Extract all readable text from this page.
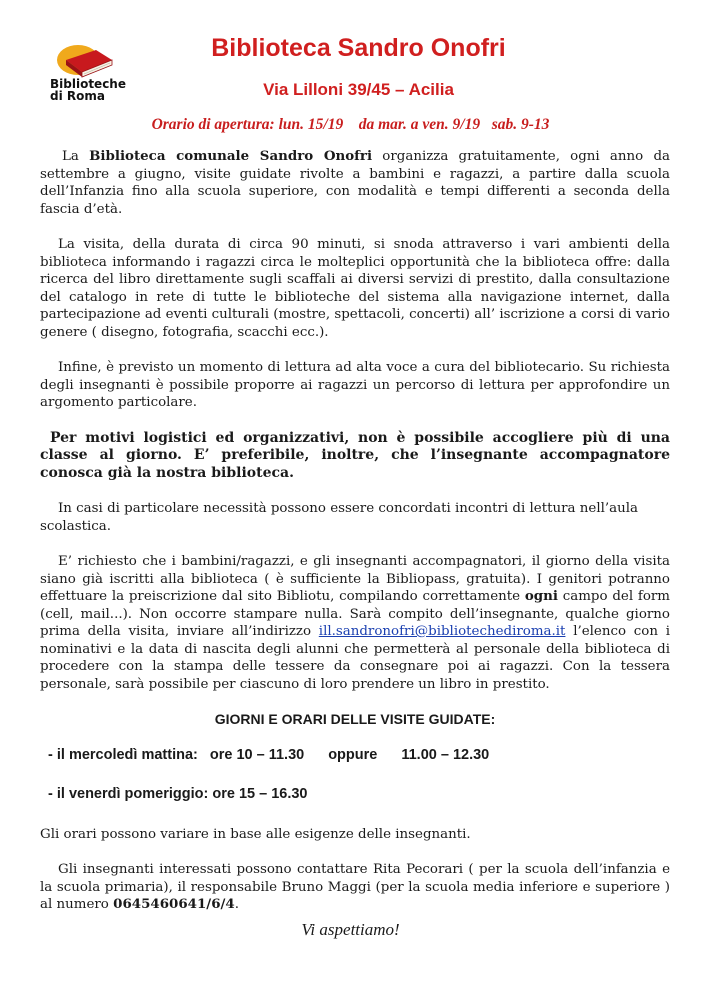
Biblioteche
di Roma
Biblioteca Sandro Onofri
Via Lilloni 39/45 – Acilia
Orario di apertura: lun. 15/19    da mar. a ven. 9/19   sab. 9-13

La Biblioteca comunale Sandro Onofri organizza gratuitamente, ogni anno da settembre a giugno, visite guidate rivolte a bambini e ragazzi, a partire dalla scuola dell’Infanzia fino alla scuola superiore, con modalità e tempi differenti a seconda della fascia d’età.

La visita, della durata di circa 90 minuti, si snoda attraverso i vari ambienti della biblioteca informando i ragazzi circa le molteplici opportunità che la biblioteca offre: dalla ricerca del libro direttamente sugli scaffali ai diversi servizi di prestito, dalla consultazione del catalogo in rete di tutte le biblioteche del sistema alla navigazione internet, dalla partecipazione ad eventi culturali (mostre, spettacoli, concerti) all’ iscrizione a corsi di vario genere ( disegno, fotografia, scacchi ecc.).

Infine, è previsto un momento di lettura ad alta voce a cura del bibliotecario. Su richiesta degli insegnanti è possibile proporre ai ragazzi un percorso di lettura per approfondire un argomento particolare.

Per motivi logistici ed organizzativi, non è possibile accogliere più di una classe al giorno. E’ preferibile, inoltre, che l’insegnante accompagnatore conosca già la nostra biblioteca.

In casi di particolare necessità possono essere concordati incontri di lettura nell’aula scolastica.

E’ richiesto che i bambini/ragazzi, e gli insegnanti accompagnatori, il giorno della visita siano già iscritti alla biblioteca ( è sufficiente la Bibliopass, gratuita). I genitori potranno effettuare la preiscrizione dal sito Bibliotu, compilando correttamente ogni campo del form (cell, mail...). Non occorre stampare nulla. Sarà compito dell’insegnante, qualche giorno prima della visita, inviare all’indirizzo ill.sandronofri@bibliotechediroma.it l’elenco con i nominativi e la data di nascita degli alunni che permetterà al personale della biblioteca di procedere con la stampa delle tessere da consegnare poi ai ragazzi. Con la tessera personale, sarà possibile per ciascuno di loro prendere un libro in prestito.

GIORNI E ORARI DELLE VISITE GUIDATE:
- il mercoledì mattina: ore 10 – 11.30 oppure 11.00 – 12.30
- il venerdì pomeriggio: ore 15 – 16.30

Gli orari possono variare in base alle esigenze delle insegnanti.

Gli insegnanti interessati possono contattare Rita Pecorari ( per la scuola dell’infanzia e la scuola primaria), il responsabile Bruno Maggi (per la scuola media inferiore e superiore ) al numero 0645460641/6/4.

Vi aspettiamo!
